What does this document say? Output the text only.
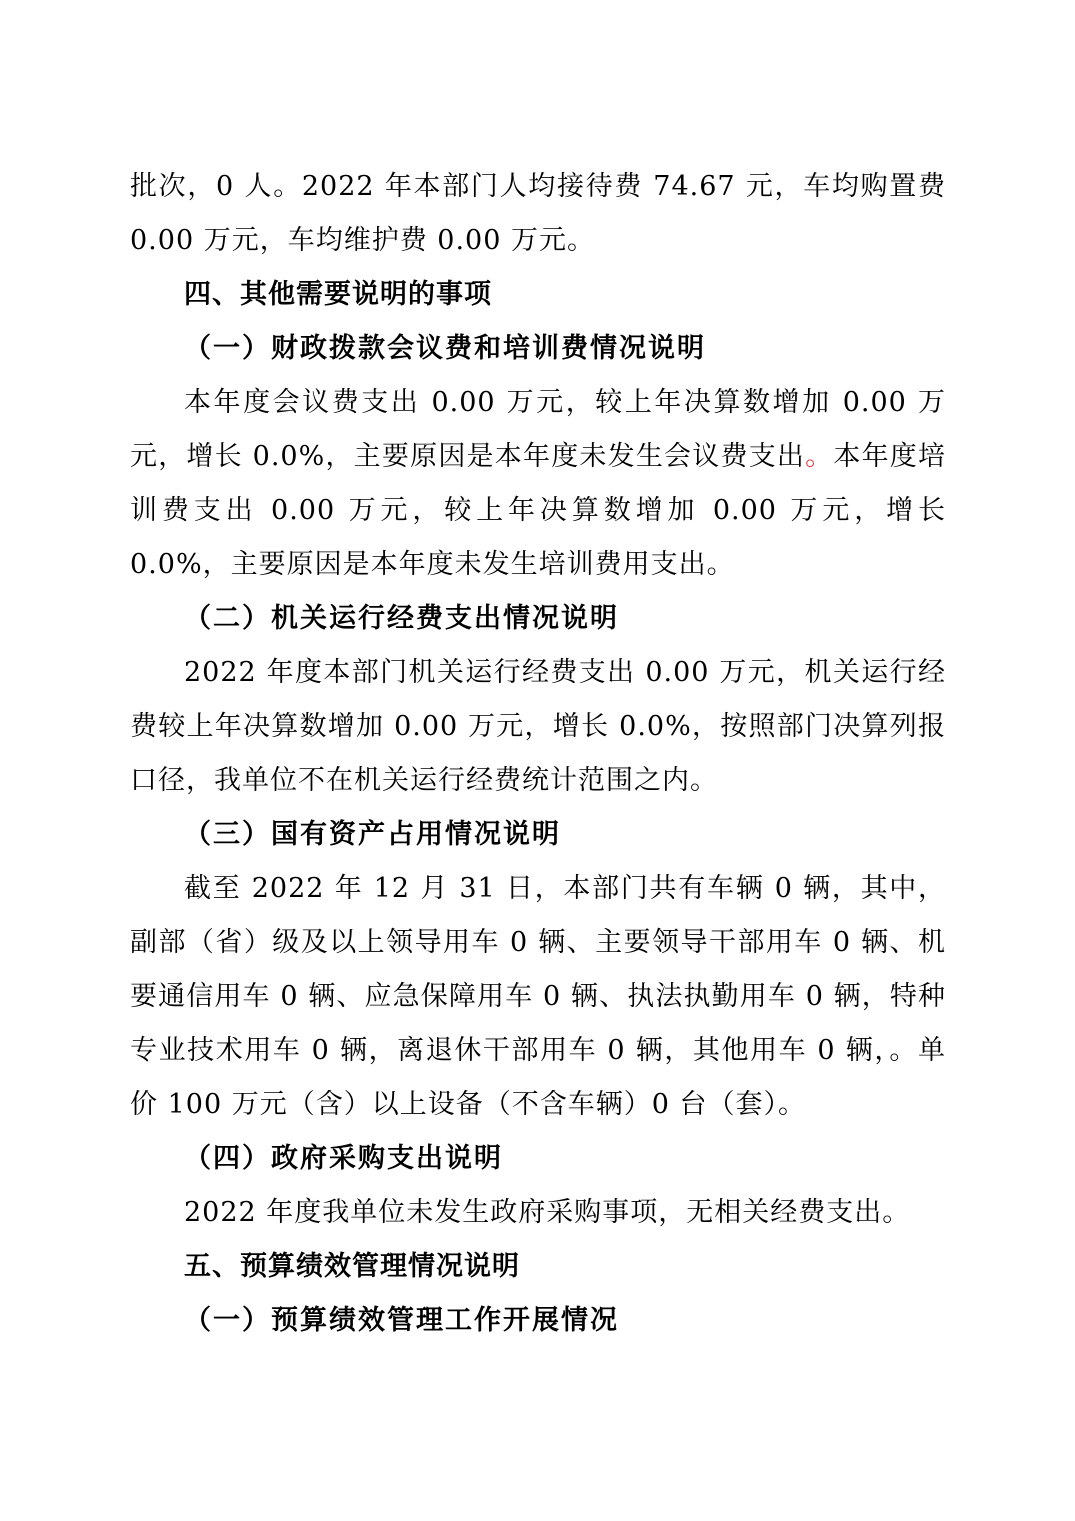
批次，0 人。2022 年本部门人均接待费 74.67 元，车均购置费 0.00 万元，车均维护费 0.00 万元。

四、其他需要说明的事项
（一）财政拨款会议费和培训费情况说明

本年度会议费支出 0.00 万元，较上年决算数增加 0.00 万元，增长 0.0%，主要原因是本年度未发生会议费支出。本年度培训费支出 0.00 万元，较上年决算数增加 0.00 万元，增长 0.0%，主要原因是本年度未发生培训费用支出。

（二）机关运行经费支出情况说明

2022 年度本部门机关运行经费支出 0.00 万元，机关运行经费较上年决算数增加 0.00 万元，增长 0.0%，按照部门决算列报口径，我单位不在机关运行经费统计范围之内。

（三）国有资产占用情况说明

截至 2022 年 12 月 31 日，本部门共有车辆 0 辆，其中，副部（省）级及以上领导用车 0 辆、主要领导干部用车 0 辆、机要通信用车 0 辆、应急保障用车 0 辆、执法执勤用车 0 辆，特种专业技术用车 0 辆，离退休干部用车 0 辆，其他用车 0 辆，。单价 100 万元（含）以上设备（不含车辆）0 台（套）。

（四）政府采购支出说明

2022 年度我单位未发生政府采购事项，无相关经费支出。

五、预算绩效管理情况说明
（一）预算绩效管理工作开展情况
